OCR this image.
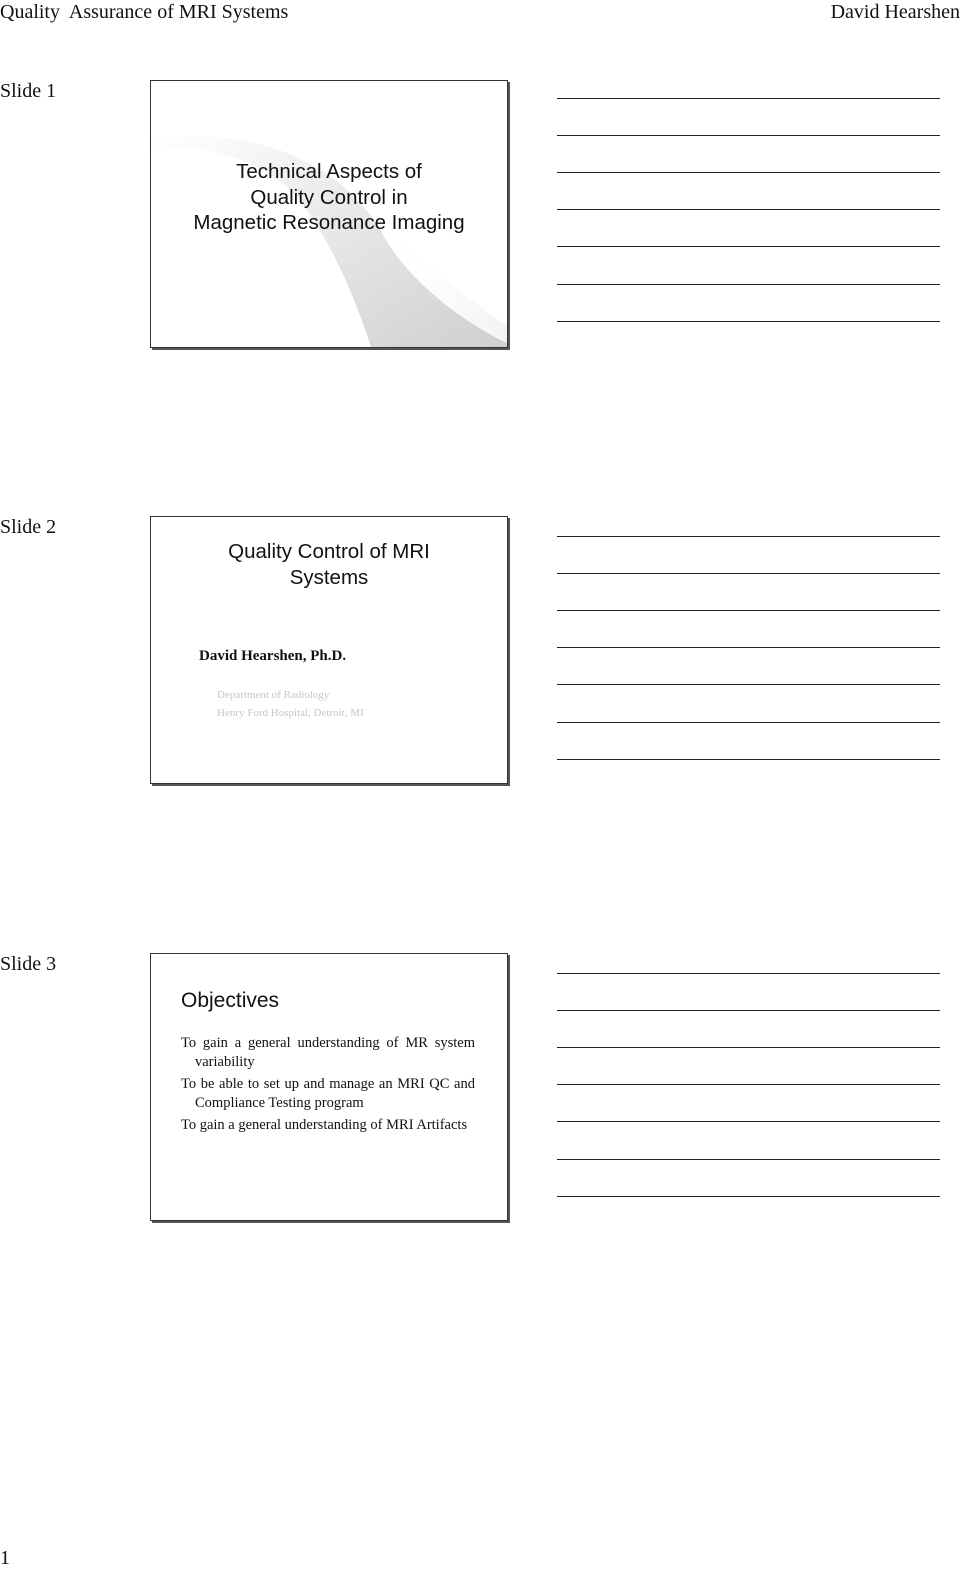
Quality  Assurance of MRI Systems	David Hearshen
Slide 1
Technical Aspects of
Quality Control in
Magnetic Resonance Imaging
Slide 2
Quality Control of MRI
Systems
David Hearshen, Ph.D.
Department of Radiology
Henry Ford Hospital, Detroit, MI
Slide 3
Objectives
To gain a general understanding of MR system variability
To be able to set up and manage an MRI QC and Compliance Testing program
To gain a general understanding of MRI Artifacts
1
